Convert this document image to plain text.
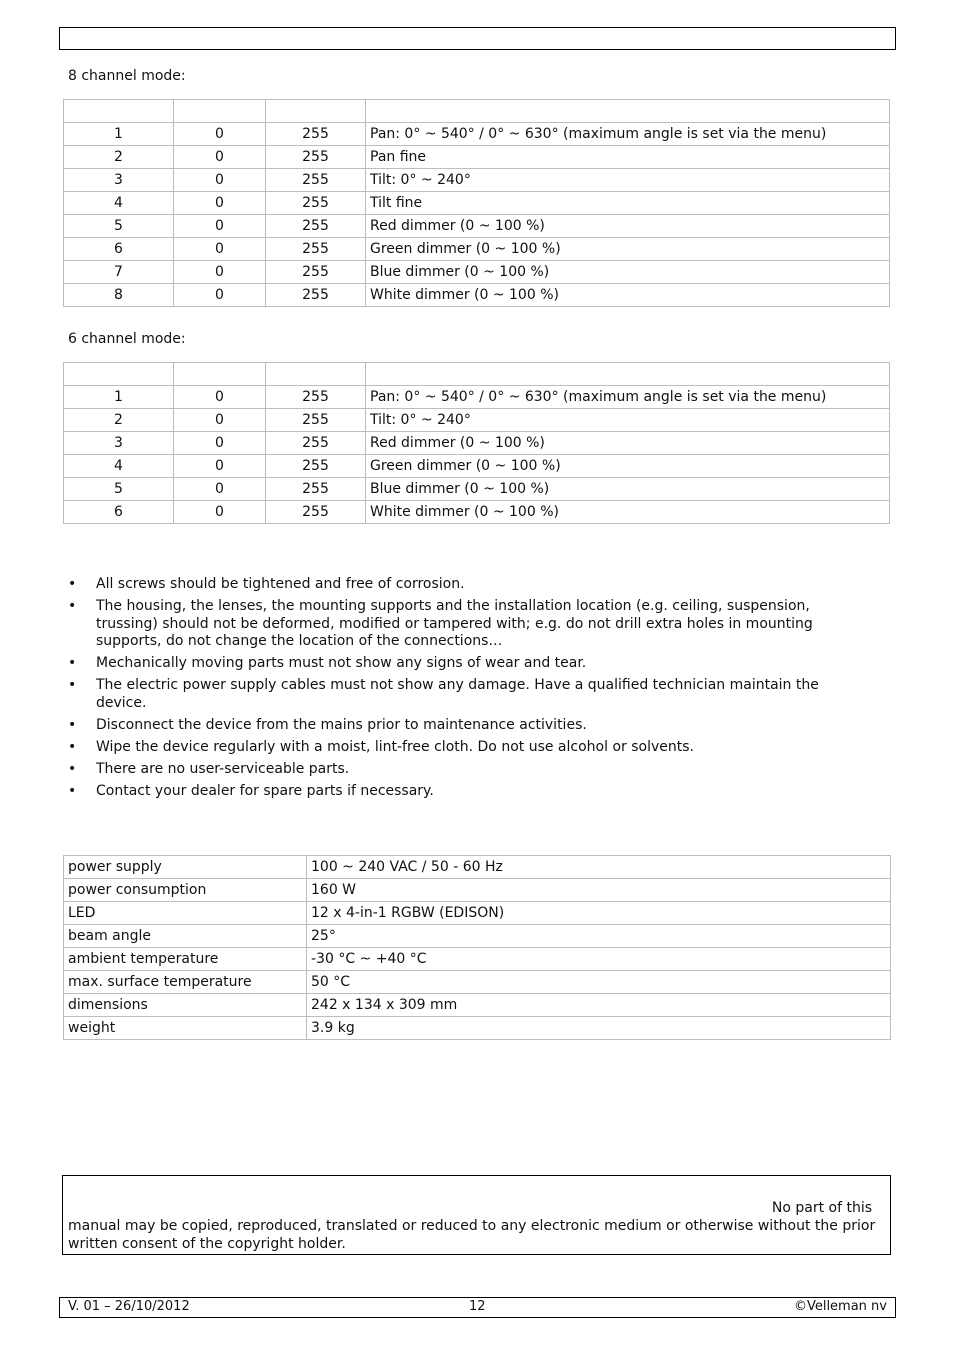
8 channel mode:

1	0	255	Pan: 0° ~ 540° / 0° ~ 630° (maximum angle is set via the menu)
2	0	255	Pan fine
3	0	255	Tilt: 0° ~ 240°
4	0	255	Tilt fine
5	0	255	Red dimmer (0 ~ 100 %)
6	0	255	Green dimmer (0 ~ 100 %)
7	0	255	Blue dimmer (0 ~ 100 %)
8	0	255	White dimmer (0 ~ 100 %)
6 channel mode:

1	0	255	Pan: 0° ~ 540° / 0° ~ 630° (maximum angle is set via the menu)
2	0	255	Tilt: 0° ~ 240°
3	0	255	Red dimmer (0 ~ 100 %)
4	0	255	Green dimmer (0 ~ 100 %)
5	0	255	Blue dimmer (0 ~ 100 %)
6	0	255	White dimmer (0 ~ 100 %)
• All screws should be tightened and free of corrosion.
• The housing, the lenses, the mounting supports and the installation location (e.g. ceiling, suspension, trussing) should not be deformed, modified or tampered with; e.g. do not drill extra holes in mounting supports, do not change the location of the connections…
• Mechanically moving parts must not show any signs of wear and tear.
• The electric power supply cables must not show any damage. Have a qualified technician maintain the device.
• Disconnect the device from the mains prior to maintenance activities.
• Wipe the device regularly with a moist, lint-free cloth. Do not use alcohol or solvents.
• There are no user-serviceable parts.
• Contact your dealer for spare parts if necessary.
power supply	100 ~ 240 VAC / 50 - 60 Hz
power consumption	160 W
LED	12 x 4-in-1 RGBW (EDISON)
beam angle	25°
ambient temperature	-30 °C ~ +40 °C
max. surface temperature	50 °C
dimensions	242 x 134 x 309 mm
weight	3.9 kg
No part of this
manual may be copied, reproduced, translated or reduced to any electronic medium or otherwise without the prior written consent of the copyright holder.
V. 01 – 26/10/2012	12	©Velleman nv
